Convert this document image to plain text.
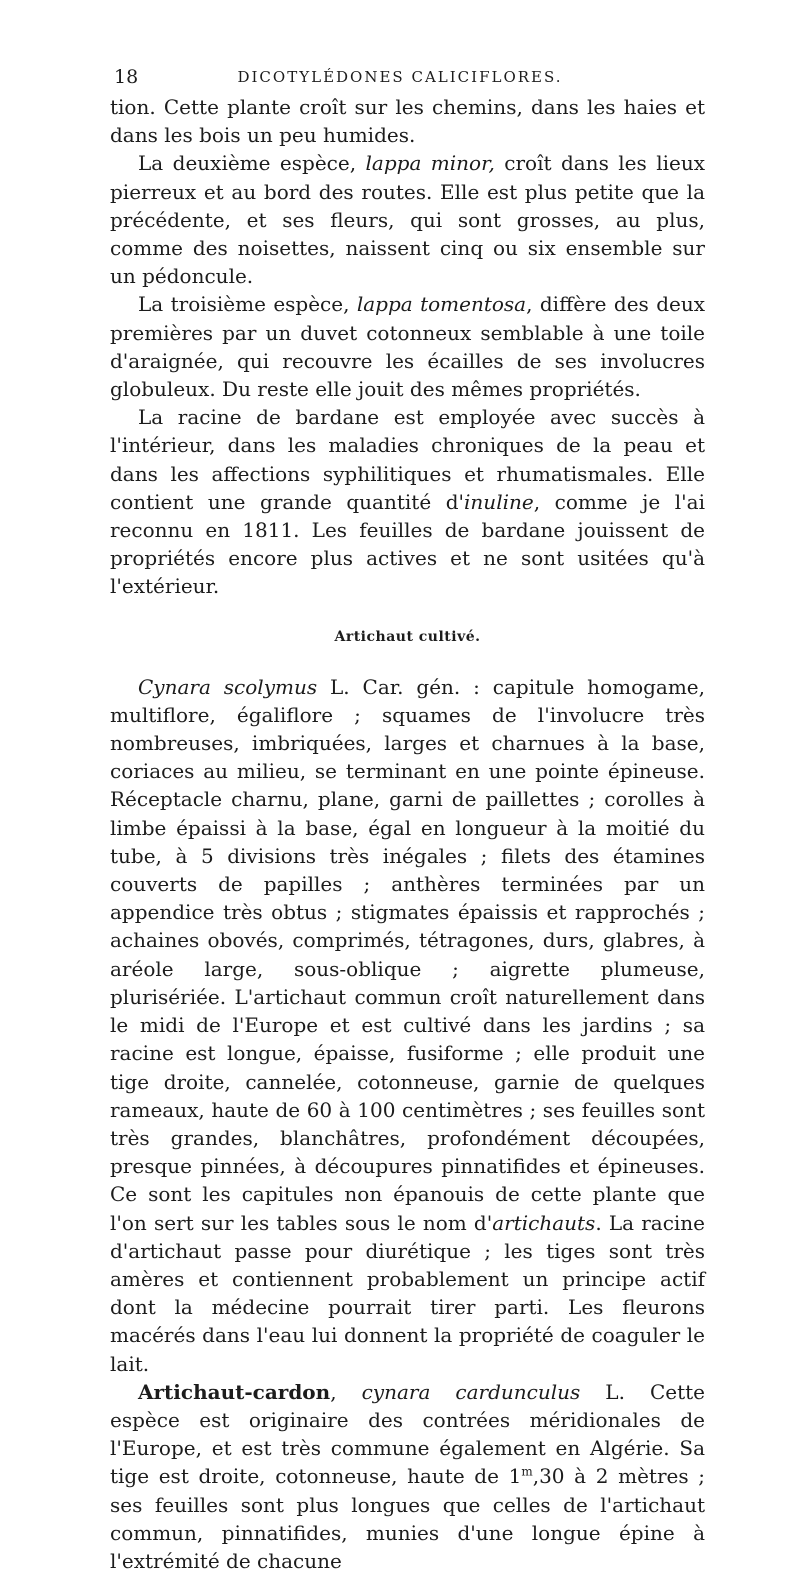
18	DICOTYLÉDONES CALICIFLORES.

tion. Cette plante croît sur les chemins, dans les haies et dans les bois un peu humides.

La deuxième espèce, lappa minor, croît dans les lieux pierreux et au bord des routes. Elle est plus petite que la précédente, et ses fleurs, qui sont grosses, au plus, comme des noisettes, naissent cinq ou six ensemble sur un pédoncule.

La troisième espèce, lappa tomentosa, diffère des deux premières par un duvet cotonneux semblable à une toile d'araignée, qui recouvre les écailles de ses involucres globuleux. Du reste elle jouit des mêmes propriétés.

La racine de bardane est employée avec succès à l'intérieur, dans les maladies chroniques de la peau et dans les affections syphilitiques et rhumatismales. Elle contient une grande quantité d'inuline, comme je l'ai reconnu en 1811. Les feuilles de bardane jouissent de propriétés encore plus actives et ne sont usitées qu'à l'extérieur.

Artichaut cultivé.

Cynara scolymus L. Car. gén. : capitule homogame, multiflore, égaliflore ; squames de l'involucre très nombreuses, imbriquées, larges et charnues à la base, coriaces au milieu, se terminant en une pointe épineuse. Réceptacle charnu, plane, garni de paillettes ; corolles à limbe épaissi à la base, égal en longueur à la moitié du tube, à 5 divisions très inégales ; filets des étamines couverts de papilles ; anthères terminées par un appendice très obtus ; stigmates épaissis et rapprochés ; achaines obovés, comprimés, tétragones, durs, glabres, à aréole large, sous-oblique ; aigrette plumeuse, plurisériée. L'artichaut commun croît naturellement dans le midi de l'Europe et est cultivé dans les jardins ; sa racine est longue, épaisse, fusiforme ; elle produit une tige droite, cannelée, cotonneuse, garnie de quelques rameaux, haute de 60 à 100 centimètres ; ses feuilles sont très grandes, blanchâtres, profondément découpées, presque pinnées, à découpures pinnatifides et épineuses. Ce sont les capitules non épanouis de cette plante que l'on sert sur les tables sous le nom d'artichauts. La racine d'artichaut passe pour diurétique ; les tiges sont très amères et contiennent probablement un principe actif dont la médecine pourrait tirer parti. Les fleurons macérés dans l'eau lui donnent la propriété de coaguler le lait.

Artichaut-cardon, cynara cardunculus L. Cette espèce est originaire des contrées méridionales de l'Europe, et est très commune également en Algérie. Sa tige est droite, cotonneuse, haute de 1$^m$,30 à 2 mètres ; ses feuilles sont plus longues que celles de l'artichaut commun, pinnatifides, munies d'une longue épine à l'extrémité de chacune
